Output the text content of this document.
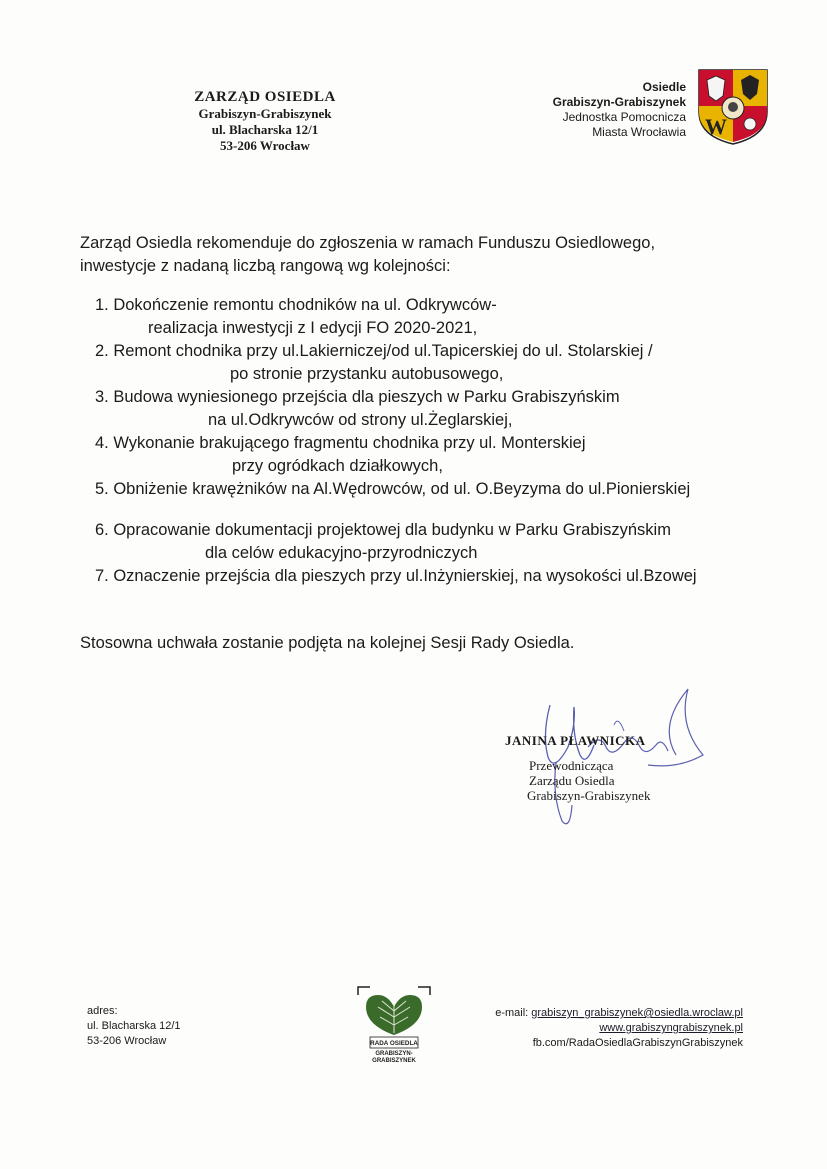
ZARZĄD OSIEDLA
Grabiszyn-Grabiszynek
ul. Blacharska 12/1
53-206 Wrocław
Osiedle
Grabiszyn-Grabiszynek
Jednostka Pomocnicza
Miasta Wrocławia W
Zarząd Osiedla rekomenduje do zgłoszenia w ramach Funduszu Osiedlowego,
inwestycje z nadaną liczbą rangową wg kolejności:
1. Dokończenie remontu chodników na ul. Odkrywców-
realizacja inwestycji z I edycji FO 2020-2021,
2. Remont chodnika przy ul.Lakierniczej/od ul.Tapicerskiej do ul. Stolarskiej /
po stronie przystanku autobusowego,
3. Budowa wyniesionego przejścia dla pieszych w Parku Grabiszyńskim
na ul.Odkrywców od strony ul.Żeglarskiej,
4. Wykonanie brakującego fragmentu chodnika przy ul. Monterskiej
przy ogródkach działkowych,
5. Obniżenie krawężników na Al.Wędrowców, od ul. O.Beyzyma do ul.Pionierskiej
6. Opracowanie dokumentacji projektowej dla budynku w Parku Grabiszyńskim
dla celów edukacyjno-przyrodniczych
7. Oznaczenie przejścia dla pieszych przy ul.Inżynierskiej, na wysokości ul.Bzowej
Stosowna uchwała zostanie podjęta na kolejnej Sesji Rady Osiedla.
JANINA PŁAWNICKA
Przewodnicząca
Zarządu Osiedla
Grabiszyn-Grabiszynek
adres:
ul. Blacharska 12/1
53-206 Wrocław	RADA OSIEDLA
GRABISZYN-
GRABISZYNEK
e-mail: grabiszyn_grabiszynek@osiedla.wroclaw.pl
www.grabiszyngrabiszynek.pl
fb.com/RadaOsiedlaGrabiszynGrabiszynek
